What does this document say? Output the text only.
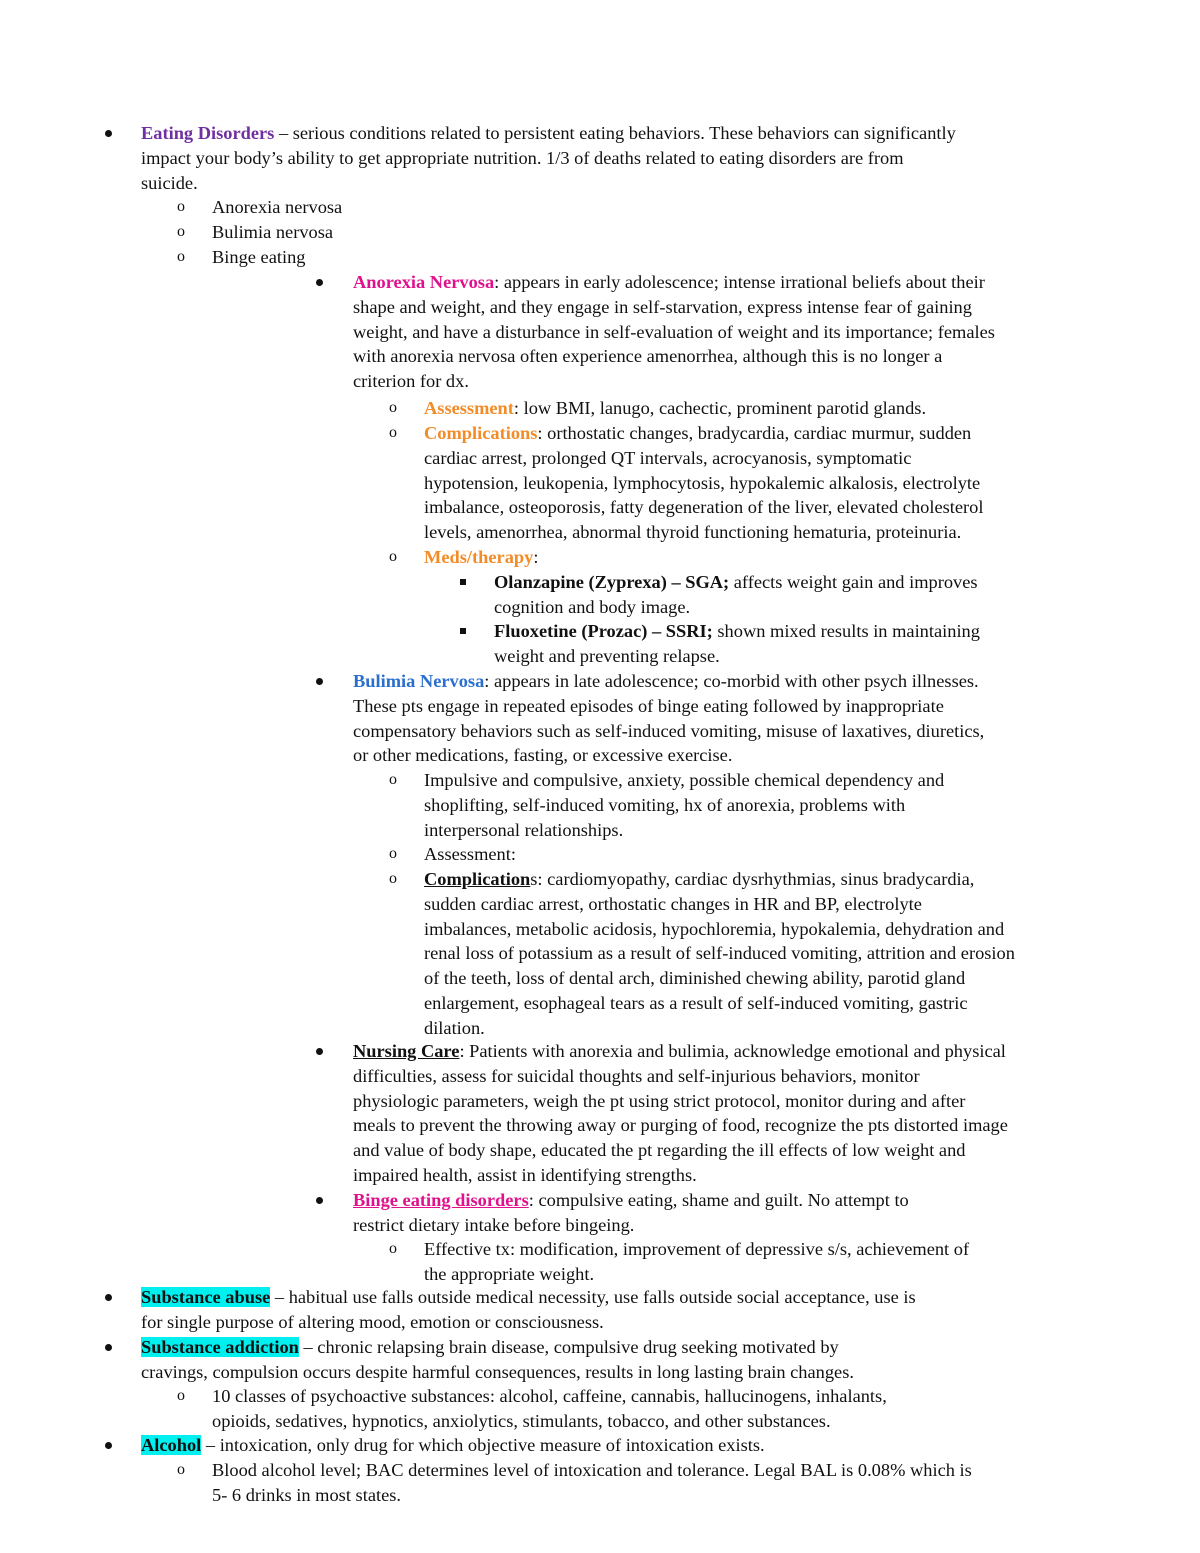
Eating Disorders – serious conditions related to persistent eating behaviors. These behaviors can significantly
impact your body’s ability to get appropriate nutrition. 1/3 of deaths related to eating disorders are from
suicide.
o Anorexia nervosa
o Bulimia nervosa
o Binge eating
Anorexia Nervosa: appears in early adolescence; intense irrational beliefs about their
shape and weight, and they engage in self-starvation, express intense fear of gaining
weight, and have a disturbance in self-evaluation of weight and its importance; females
with anorexia nervosa often experience amenorrhea, although this is no longer a
criterion for dx.
o Assessment: low BMI, lanugo, cachectic, prominent parotid glands.
o Complications: orthostatic changes, bradycardia, cardiac murmur, sudden
cardiac arrest, prolonged QT intervals, acrocyanosis, symptomatic
hypotension, leukopenia, lymphocytosis, hypokalemic alkalosis, electrolyte
imbalance, osteoporosis, fatty degeneration of the liver, elevated cholesterol
levels, amenorrhea, abnormal thyroid functioning hematuria, proteinuria.
o Meds/therapy:
Olanzapine (Zyprexa) – SGA; affects weight gain and improves
cognition and body image.
Fluoxetine (Prozac) – SSRI; shown mixed results in maintaining
weight and preventing relapse.
Bulimia Nervosa: appears in late adolescence; co-morbid with other psych illnesses.
These pts engage in repeated episodes of binge eating followed by inappropriate
compensatory behaviors such as self-induced vomiting, misuse of laxatives, diuretics,
or other medications, fasting, or excessive exercise.
o Impulsive and compulsive, anxiety, possible chemical dependency and
shoplifting, self-induced vomiting, hx of anorexia, problems with
interpersonal relationships.
o Assessment:
o Complications: cardiomyopathy, cardiac dysrhythmias, sinus bradycardia,
sudden cardiac arrest, orthostatic changes in HR and BP, electrolyte
imbalances, metabolic acidosis, hypochloremia, hypokalemia, dehydration and
renal loss of potassium as a result of self-induced vomiting, attrition and erosion
of the teeth, loss of dental arch, diminished chewing ability, parotid gland
enlargement, esophageal tears as a result of self-induced vomiting, gastric
dilation.
Nursing Care: Patients with anorexia and bulimia, acknowledge emotional and physical
difficulties, assess for suicidal thoughts and self-injurious behaviors, monitor
physiologic parameters, weigh the pt using strict protocol, monitor during and after
meals to prevent the throwing away or purging of food, recognize the pts distorted image
and value of body shape, educated the pt regarding the ill effects of low weight and
impaired health, assist in identifying strengths.
Binge eating disorders: compulsive eating, shame and guilt. No attempt to
restrict dietary intake before bingeing.
o Effective tx: modification, improvement of depressive s/s, achievement of
the appropriate weight.
Substance abuse – habitual use falls outside medical necessity, use falls outside social acceptance, use is
for single purpose of altering mood, emotion or consciousness.
Substance addiction – chronic relapsing brain disease, compulsive drug seeking motivated by
cravings, compulsion occurs despite harmful consequences, results in long lasting brain changes.
o 10 classes of psychoactive substances: alcohol, caffeine, cannabis, hallucinogens, inhalants,
opioids, sedatives, hypnotics, anxiolytics, stimulants, tobacco, and other substances.
Alcohol – intoxication, only drug for which objective measure of intoxication exists.
o Blood alcohol level; BAC determines level of intoxication and tolerance. Legal BAL is 0.08% which is
5- 6 drinks in most states.
